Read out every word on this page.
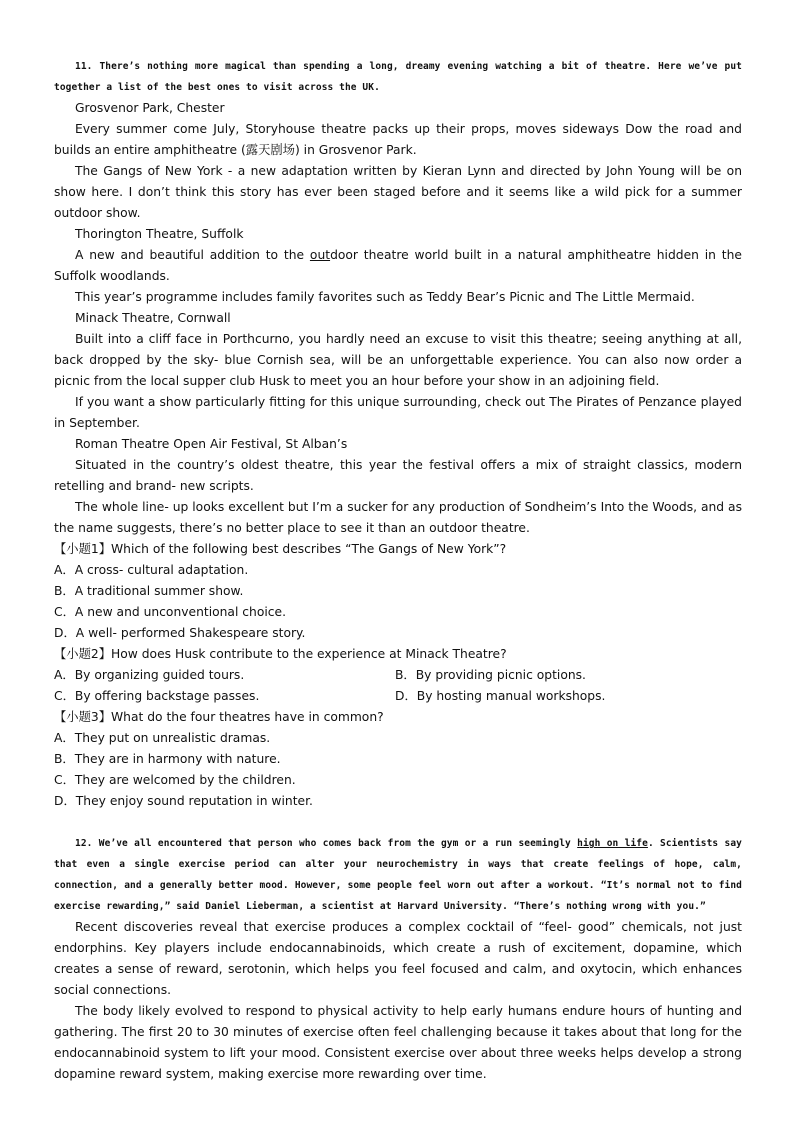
11. There’s nothing more magical than spending a long, dreamy evening watching a bit of theatre. Here we’ve put together a list of the best ones to visit across the UK.

Grosvenor Park, Chester

Every summer come July, Storyhouse theatre packs up their props, moves sideways Dow the road and builds an entire amphitheatre (露天剧场) in Grosvenor Park.

The Gangs of New York - a new adaptation written by Kieran Lynn and directed by John Young will be on show here. I don’t think this story has ever been staged before and it seems like a wild pick for a summer outdoor show.

Thorington Theatre, Suffolk

A new and beautiful addition to the outdoor theatre world built in a natural amphitheatre hidden in the Suffolk woodlands.

This year’s programme includes family favorites such as Teddy Bear’s Picnic and The Little Mermaid.

Minack Theatre, Cornwall

Built into a cliff face in Porthcurno, you hardly need an excuse to visit this theatre; seeing anything at all, back dropped by the sky- blue Cornish sea, will be an unforgettable experience. You can also now order a picnic from the local supper club Husk to meet you an hour before your show in an adjoining field.

If you want a show particularly fitting for this unique surrounding, check out The Pirates of Penzance played in September.

Roman Theatre Open Air Festival, St Alban’s

Situated in the country’s oldest theatre, this year the festival offers a mix of straight classics, modern retelling and brand- new scripts.

The whole line- up looks excellent but I’m a sucker for any production of Sondheim’s Into the Woods, and as the name suggests, there’s no better place to see it than an outdoor theatre.

【小题1】Which of the following best describes “The Gangs of New York”?

A．A cross- cultural adaptation.

B．A traditional summer show.

C．A new and unconventional choice.

D．A well- performed Shakespeare story.

【小题2】How does Husk contribute to the experience at Minack Theatre?

A．By organizing guided tours.	B．By providing picnic options.
C．By offering backstage passes.	D．By hosting manual workshops.

【小题3】What do the four theatres have in common?

A．They put on unrealistic dramas.

B．They are in harmony with nature.

C．They are welcomed by the children.

D．They enjoy sound reputation in winter.

12. We’ve all encountered that person who comes back from the gym or a run seemingly high on life. Scientists say that even a single exercise period can alter your neurochemistry in ways that create feelings of hope, calm, connection, and a generally better mood. However, some people feel worn out after a workout. “It’s normal not to find exercise rewarding,” said Daniel Lieberman, a scientist at Harvard University. “There’s nothing wrong with you.”

Recent discoveries reveal that exercise produces a complex cocktail of “feel- good” chemicals, not just endorphins. Key players include endocannabinoids, which create a rush of excitement, dopamine, which creates a sense of reward, serotonin, which helps you feel focused and calm, and oxytocin, which enhances social connections.

The body likely evolved to respond to physical activity to help early humans endure hours of hunting and gathering. The first 20 to 30 minutes of exercise often feel challenging because it takes about that long for the endocannabinoid system to lift your mood. Consistent exercise over about three weeks helps develop a strong dopamine reward system, making exercise more rewarding over time.
